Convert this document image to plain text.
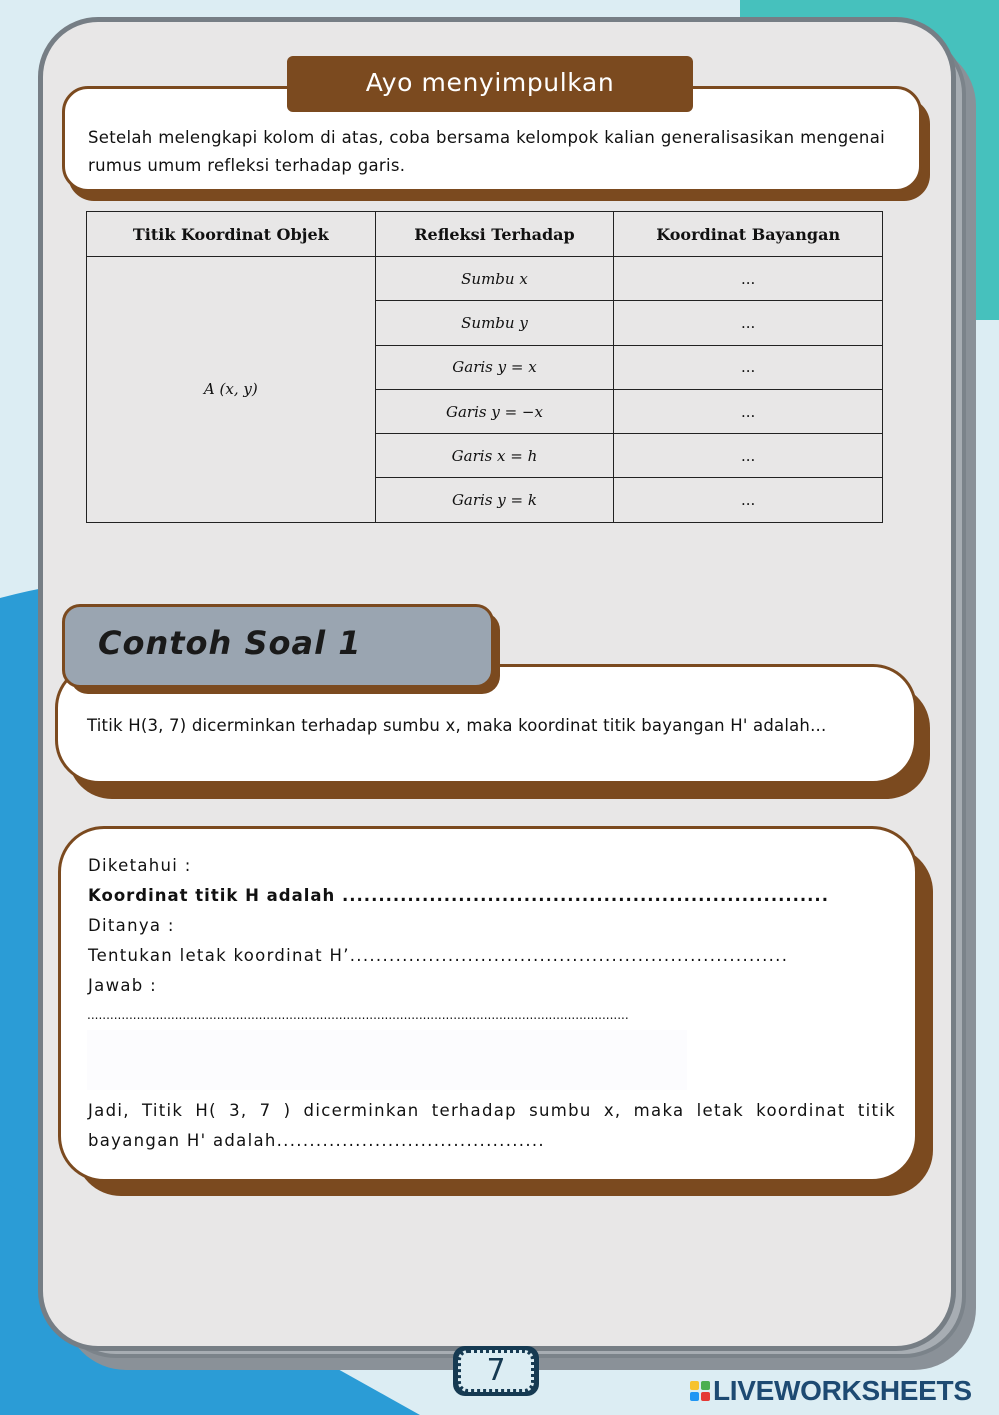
Setelah melengkapi kolom di atas, coba bersama kelompok kalian generalisasikan mengenai rumus umum refleksi terhadap garis.
Ayo menyimpulkan
Titik Koordinat Objek	Refleksi Terhadap	Koordinat Bayangan
A (x, y)	Sumbu x	...
	Sumbu y	...
	Garis y = x	...
	Garis y = −x	...
	Garis x = h	...
	Garis y = k	...
Contoh Soal 1
Titik H(3, 7) dicerminkan terhadap sumbu x, maka koordinat titik bayangan H' adalah...
Diketahui :
Koordinat titik H adalah ...................................................................
Ditanya :
Tentukan letak koordinat H’...................................................................
Jawab :
..............................................................................................................................................
Jadi, Titik H( 3, 7 ) dicerminkan terhadap sumbu x, maka letak koordinat titik bayangan H' adalah.........................................
7
LIVEWORKSHEETS
